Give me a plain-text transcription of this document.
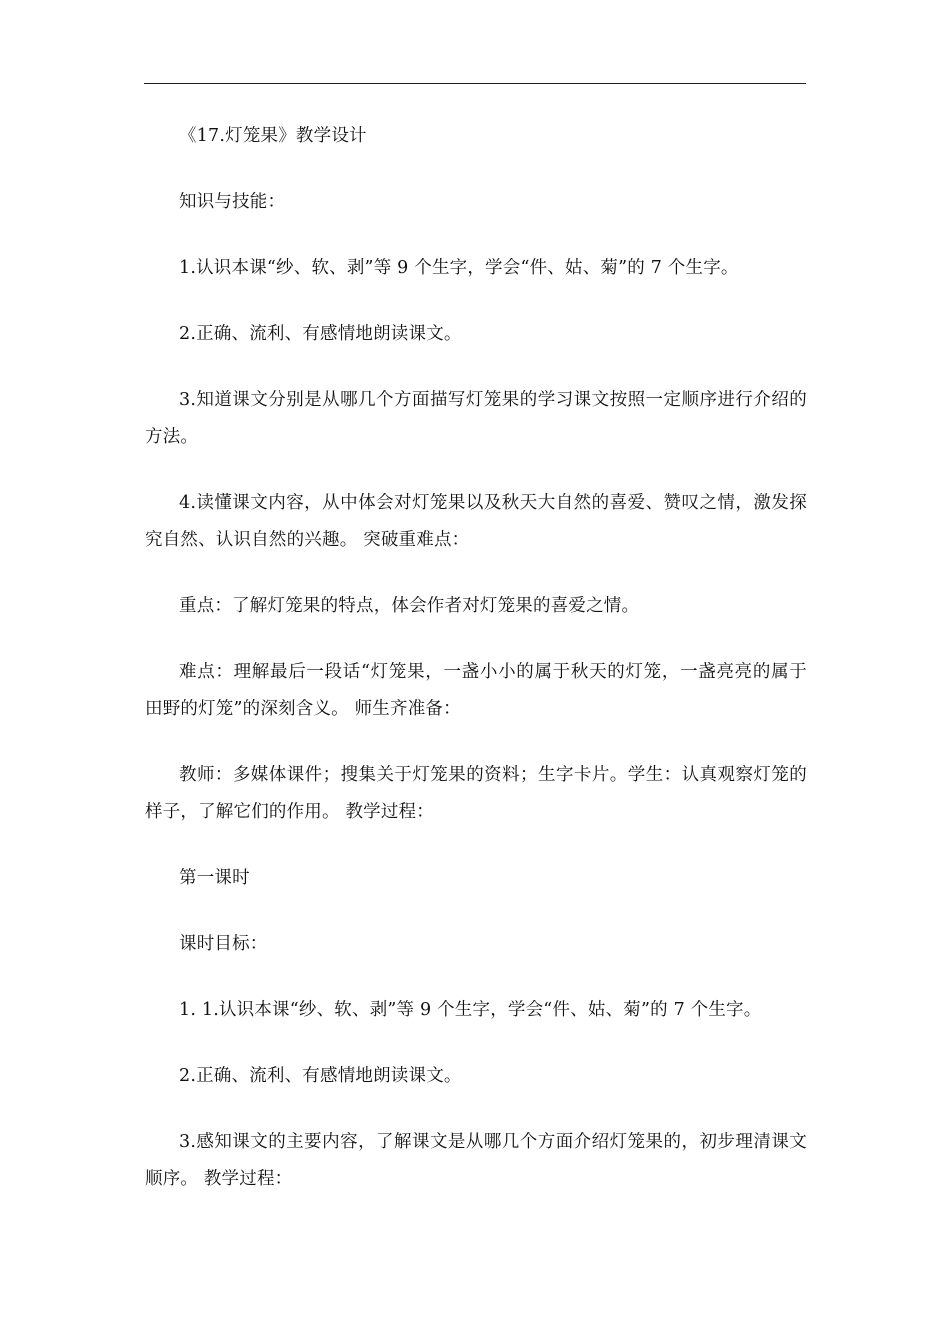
《17.灯笼果》教学设计

知识与技能：

1.认识本课“纱、软、剥”等 9 个生字，学会“件、姑、菊”的 7 个生字。

2.正确、流利、有感情地朗读课文。

3.知道课文分别是从哪几个方面描写灯笼果的学习课文按照一定顺序进行介绍的方法。

4.读懂课文内容，从中体会对灯笼果以及秋天大自然的喜爱、赞叹之情，激发探究自然、认识自然的兴趣。 突破重难点：

重点：了解灯笼果的特点，体会作者对灯笼果的喜爱之情。

难点：理解最后一段话“灯笼果，一盏小小的属于秋天的灯笼，一盏亮亮的属于田野的灯笼”的深刻含义。 师生齐准备：

教师：多媒体课件；搜集关于灯笼果的资料；生字卡片。学生：认真观察灯笼的样子，了解它们的作用。 教学过程：

第一课时

课时目标：

1. 1.认识本课“纱、软、剥”等 9 个生字，学会“件、姑、菊”的 7 个生字。

2.正确、流利、有感情地朗读课文。

3.感知课文的主要内容，了解课文是从哪几个方面介绍灯笼果的，初步理清课文顺序。 教学过程：
